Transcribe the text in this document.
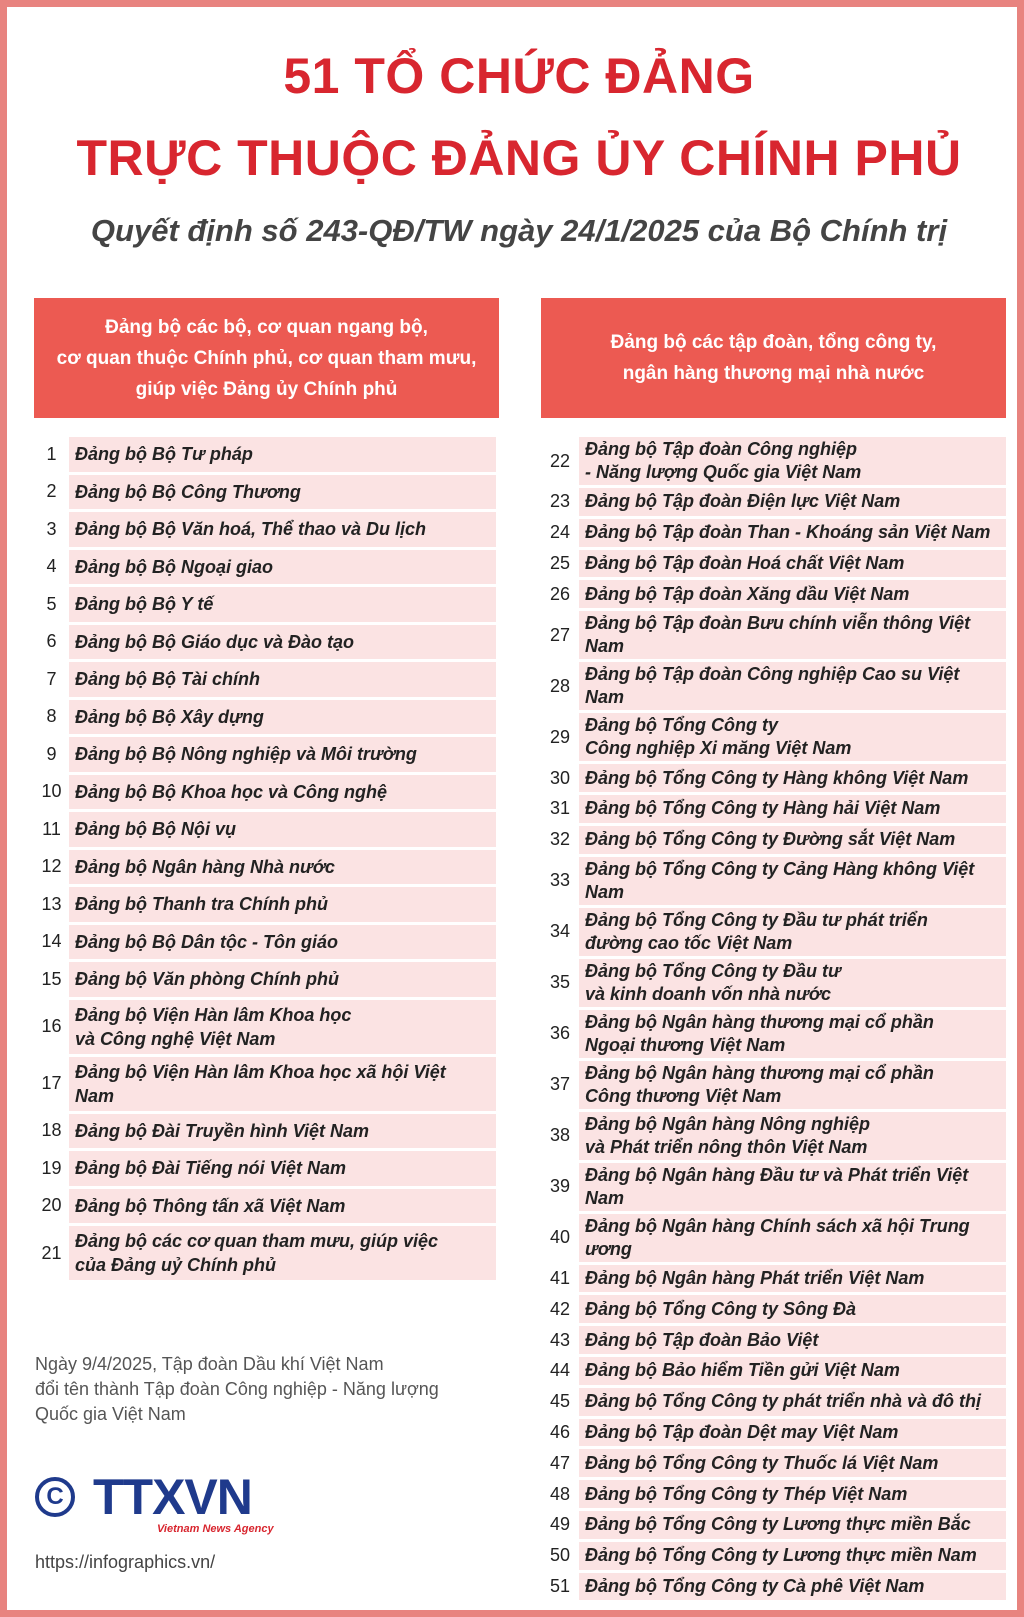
51 TỔ CHỨC ĐẢNG
TRỰC THUỘC ĐẢNG ỦY CHÍNH PHỦ
Quyết định số 243-QĐ/TW ngày 24/1/2025 của Bộ Chính trị
Đảng bộ các bộ, cơ quan ngang bộ,
cơ quan thuộc Chính phủ, cơ quan tham mưu,
giúp việc Đảng ủy Chính phủ
Đảng bộ các tập đoàn, tổng công ty,
ngân hàng thương mại nhà nước
1	Đảng bộ Bộ Tư pháp
2	Đảng bộ Bộ Công Thương
3	Đảng bộ Bộ Văn hoá, Thể thao và Du lịch
4	Đảng bộ Bộ Ngoại giao
5	Đảng bộ Bộ Y tế
6	Đảng bộ Bộ Giáo dục và Đào tạo
7	Đảng bộ Bộ Tài chính
8	Đảng bộ Bộ Xây dựng
9	Đảng bộ Bộ Nông nghiệp và Môi trường
10 Đảng bộ Bộ Khoa học và Công nghệ
11 Đảng bộ Bộ Nội vụ
12 Đảng bộ Ngân hàng Nhà nước
13 Đảng bộ Thanh tra Chính phủ
14 Đảng bộ Bộ Dân tộc - Tôn giáo
15 Đảng bộ Văn phòng Chính phủ
16
Đảng bộ Viện Hàn lâm Khoa học
và Công nghệ Việt Nam
17
Đảng bộ Viện Hàn lâm Khoa học xã hội Việt Nam
18 Đảng bộ Đài Truyền hình Việt Nam
19 Đảng bộ Đài Tiếng nói Việt Nam
20 Đảng bộ Thông tấn xã Việt Nam
21
Đảng bộ các cơ quan tham mưu, giúp việc
của Đảng uỷ Chính phủ
22
Đảng bộ Tập đoàn Công nghiệp
- Năng lượng Quốc gia Việt Nam
23 Đảng bộ Tập đoàn Điện lực Việt Nam
24 Đảng bộ Tập đoàn Than - Khoáng sản Việt Nam
25 Đảng bộ Tập đoàn Hoá chất Việt Nam
26 Đảng bộ Tập đoàn Xăng dầu Việt Nam
27
Đảng bộ Tập đoàn Bưu chính viễn thông Việt Nam
28
Đảng bộ Tập đoàn Công nghiệp Cao su Việt Nam
29
Đảng bộ Tổng Công ty
Công nghiệp Xi măng Việt Nam
30 Đảng bộ Tổng Công ty Hàng không Việt Nam
31 Đảng bộ Tổng Công ty Hàng hải Việt Nam
32 Đảng bộ Tổng Công ty Đường sắt Việt Nam
33
Đảng bộ Tổng Công ty Cảng Hàng không Việt Nam
34
Đảng bộ Tổng Công ty Đầu tư phát triển
đường cao tốc Việt Nam
35
Đảng bộ Tổng Công ty Đầu tư
và kinh doanh vốn nhà nước
36
Đảng bộ Ngân hàng thương mại cổ phần
Ngoại thương Việt Nam
37
Đảng bộ Ngân hàng thương mại cổ phần
Công thương Việt Nam
38
Đảng bộ Ngân hàng Nông nghiệp
và Phát triển nông thôn Việt Nam
39
Đảng bộ Ngân hàng Đầu tư và Phát triển Việt Nam
40
Đảng bộ Ngân hàng Chính sách xã hội Trung ương
41 Đảng bộ Ngân hàng Phát triển Việt Nam
42 Đảng bộ Tổng Công ty Sông Đà
43 Đảng bộ Tập đoàn Bảo Việt
44 Đảng bộ Bảo hiểm Tiền gửi Việt Nam
45 Đảng bộ Tổng Công ty phát triển nhà và đô thị
46 Đảng bộ Tập đoàn Dệt may Việt Nam
47 Đảng bộ Tổng Công ty Thuốc lá Việt Nam
48 Đảng bộ Tổng Công ty Thép Việt Nam
49 Đảng bộ Tổng Công ty Lương thực miền Bắc
50 Đảng bộ Tổng Công ty Lương thực miền Nam
51 Đảng bộ Tổng Công ty Cà phê Việt Nam
Ngày 9/4/2025, Tập đoàn Dầu khí Việt Nam
đổi tên thành Tập đoàn Công nghiệp - Năng lượng
Quốc gia Việt Nam
C TTXVN
Vietnam News Agency
https://infographics.vn/
